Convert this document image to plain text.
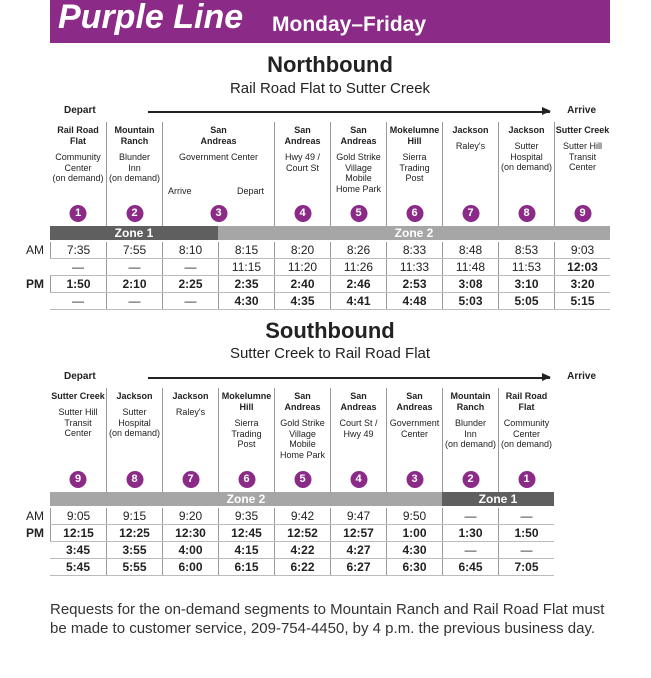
Purple Line Monday–Friday
Northbound
Rail Road Flat to Sutter Creek
Depart	Arrive
Rail Road
Flat
Community
Center
(on demand)
1
Mountain
Ranch
Blunder
Inn
(on demand)
2
San
Andreas
Government Center
Arrive	Depart
3
San
Andreas
Hwy 49 /
Court St
4
San
Andreas
Gold Strike
Village Mobile
Home Park
5
Mokelumne
Hill
Sierra Trading
Post
6
Jackson
Raley's
7
Jackson
Sutter
Hospital
(on demand)
8
Sutter Creek
Sutter Hill
Transit Center
9
Zone 1	Zone 2
AM	7:35	7:55	8:10	8:15	8:20	8:26	8:33	8:48	8:53	9:03
—	—	—	11:15	11:20	11:26	11:33	11:48	11:53	12:03
PM	1:50	2:10	2:25	2:35	2:40	2:46	2:53	3:08	3:10	3:20
—	—	—	4:30	4:35	4:41	4:48	5:03	5:05	5:15
Southbound
Sutter Creek to Rail Road Flat
Depart	Arrive
Sutter Creek
Sutter Hill
Transit Center
9
Jackson
Sutter
Hospital
(on demand)
8
Jackson
Raley's
7
Mokelumne
Hill
Sierra Trading
Post
6
San
Andreas
Gold Strike
Village Mobile
Home Park
5
San
Andreas
Court St /
Hwy 49
4
San
Andreas
Government
Center
3
Mountain
Ranch
Blunder
Inn
(on demand)
2
Rail Road
Flat
Community
Center
(on demand)
1
Zone 2	Zone 1
AM	9:05	9:15	9:20	9:35	9:42	9:47	9:50	—	—
PM	12:15	12:25	12:30	12:45	12:52	12:57	1:00	1:30	1:50
3:45	3:55	4:00	4:15	4:22	4:27	4:30	—	—
5:45	5:55	6:00	6:15	6:22	6:27	6:30	6:45	7:05
Requests for the on-demand segments to Mountain Ranch and Rail Road Flat must be made to customer service, 209-754-4450, by 4 p.m. the previous business day.
